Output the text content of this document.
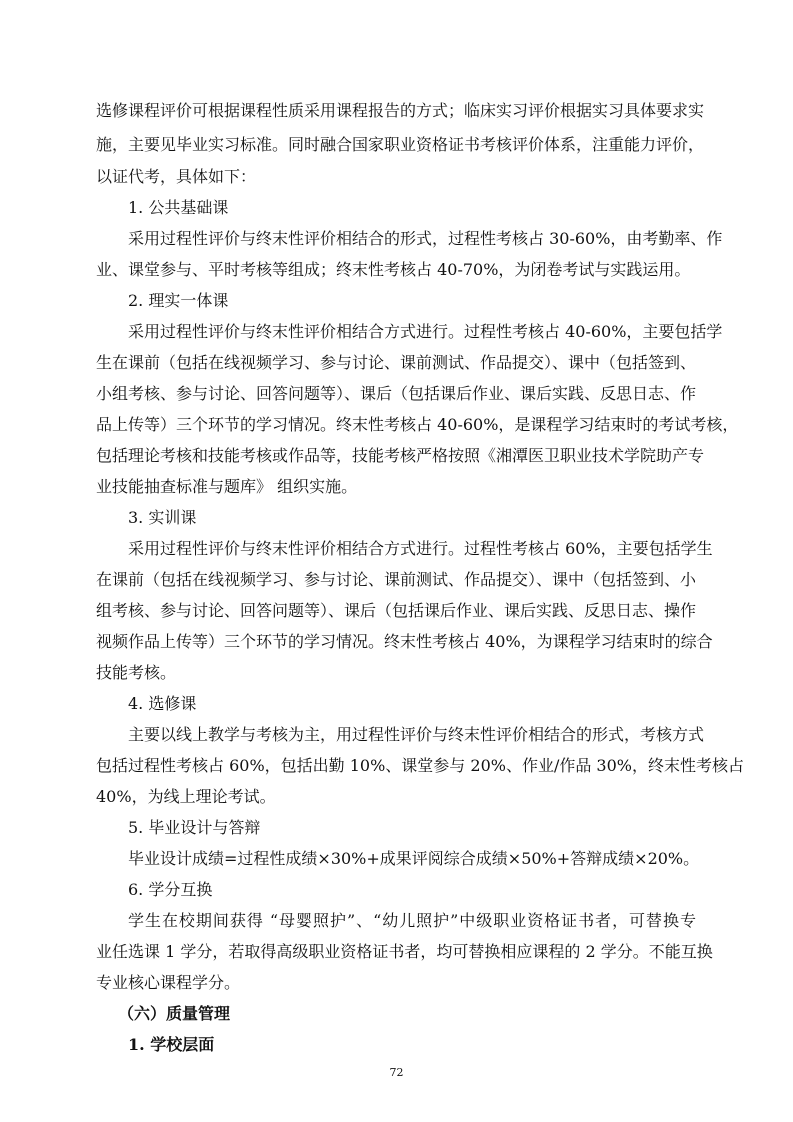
选修课程评价可根据课程性质采用课程报告的方式；临床实习评价根据实习具体要求实
施，主要见毕业实习标准。同时融合国家职业资格证书考核评价体系，注重能力评价，
以证代考，具体如下：
1. 公共基础课
采用过程性评价与终末性评价相结合的形式，过程性考核占 30-60%，由考勤率、作
业、课堂参与、平时考核等组成；终末性考核占 40-70%，为闭卷考试与实践运用。
2. 理实一体课
采用过程性评价与终末性评价相结合方式进行。过程性考核占 40-60%，主要包括学
生在课前（包括在线视频学习、参与讨论、课前测试、作品提交）、课中（包括签到、
小组考核、参与讨论、回答问题等）、课后（包括课后作业、课后实践、反思日志、作
品上传等）三个环节的学习情况。终末性考核占 40-60%，是课程学习结束时的考试考核，
包括理论考核和技能考核或作品等，技能考核严格按照《湘潭医卫职业技术学院助产专
业技能抽查标准与题库》 组织实施。
3. 实训课
采用过程性评价与终末性评价相结合方式进行。过程性考核占 60%，主要包括学生
在课前（包括在线视频学习、参与讨论、课前测试、作品提交）、课中（包括签到、小
组考核、参与讨论、回答问题等）、课后（包括课后作业、课后实践、反思日志、操作
视频作品上传等）三个环节的学习情况。终末性考核占 40%，为课程学习结束时的综合
技能考核。
4. 选修课
主要以线上教学与考核为主，用过程性评价与终末性评价相结合的形式，考核方式
包括过程性考核占 60%，包括出勤 10%、课堂参与 20%、作业/作品 30%，终末性考核占
40%，为线上理论考试。
5. 毕业设计与答辩
毕业设计成绩=过程性成绩×30%+成果评阅综合成绩×50%+答辩成绩×20%。
6. 学分互换
学生在校期间获得 “母婴照护”、“幼儿照护”中级职业资格证书者，可替换专
业任选课 1 学分，若取得高级职业资格证书者，均可替换相应课程的 2 学分。不能互换
专业核心课程学分。
（六）质量管理
1. 学校层面
72
